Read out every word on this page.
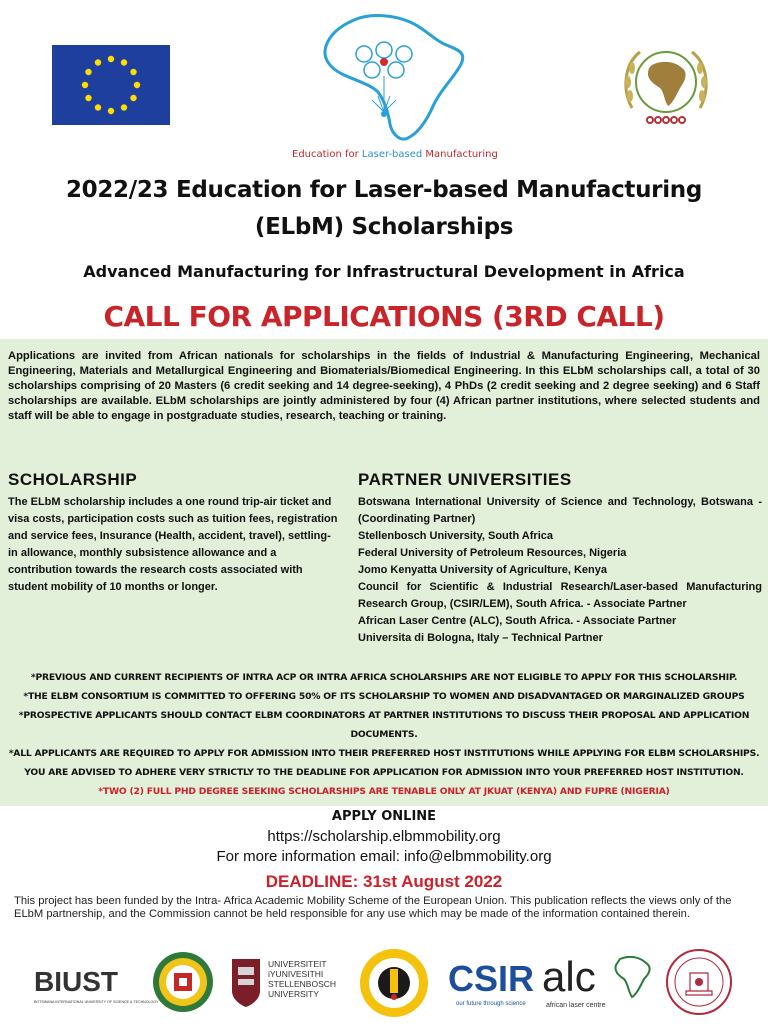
Education for Laser-based Manufacturing
2022/23 Education for Laser-based Manufacturing
(ELbM) Scholarships
Advanced Manufacturing for Infrastructural Development in Africa
CALL FOR APPLICATIONS (3RD CALL)

Applications are invited from African nationals for scholarships in the fields of Industrial & Manufacturing Engineering, Mechanical Engineering, Materials and Metallurgical Engineering and Biomaterials/Biomedical Engineering. In this ELbM scholarships call, a total of 30 scholarships comprising of 20 Masters (6 credit seeking and 14 degree-seeking), 4 PhDs (2 credit seeking and 2 degree seeking) and 6 Staff scholarships are available. ELbM scholarships are jointly administered by four (4) African partner institutions, where selected students and staff will be able to engage in postgraduate studies, research, teaching or training.

SCHOLARSHIP

The ELbM scholarship includes a one round trip-air ticket and visa costs, participation costs such as tuition fees, registration and service fees, Insurance (Health, accident, travel), settling-in allowance, monthly subsistence allowance and a contribution towards the research costs associated with student mobility of 10 months or longer.

PARTNER UNIVERSITIES
Botswana International University of Science and Technology, Botswana -(Coordinating Partner)
Stellenbosch University, South Africa
Federal University of Petroleum Resources, Nigeria
Jomo Kenyatta University of Agriculture, Kenya
Council for Scientific & Industrial Research/Laser-based Manufacturing Research Group, (CSIR/LEM), South Africa. - Associate Partner
African Laser Centre (ALC), South Africa. - Associate Partner
Universita di Bologna, Italy – Technical Partner
*PREVIOUS AND CURRENT RECIPIENTS OF INTRA ACP OR INTRA AFRICA SCHOLARSHIPS ARE NOT ELIGIBLE TO APPLY FOR THIS SCHOLARSHIP.
*THE ELBM CONSORTIUM IS COMMITTED TO OFFERING 50% OF ITS SCHOLARSHIP TO WOMEN AND DISADVANTAGED OR MARGINALIZED GROUPS
*PROSPECTIVE APPLICANTS SHOULD CONTACT ELBM COORDINATORS AT PARTNER INSTITUTIONS TO DISCUSS THEIR PROPOSAL AND APPLICATION DOCUMENTS.
*ALL APPLICANTS ARE REQUIRED TO APPLY FOR ADMISSION INTO THEIR PREFERRED HOST INSTITUTIONS WHILE APPLYING FOR ELBM SCHOLARSHIPS. YOU ARE ADVISED TO ADHERE VERY STRICTLY TO THE DEADLINE FOR APPLICATION FOR ADMISSION INTO YOUR PREFERRED HOST INSTITUTION.
*TWO (2) FULL PHD DEGREE SEEKING SCHOLARSHIPS ARE TENABLE ONLY AT JKUAT (KENYA) AND FUPRE (NIGERIA)
APPLY ONLINE
https://scholarship.elbmmobility.org
For more information email: info@elbmmobility.org
DEADLINE: 31st August 2022

This project has been funded by the Intra- Africa Academic Mobility Scheme of the European Union. This publication reflects the views only of the ELbM partnership, and the Commission cannot be held responsible for any use which may be made of the information contained therein.

BIUST
BOTSWANA INTERNATIONAL UNIVERSITY OF SCIENCE & TECHNOLOGY
UNIVERSITEIT
iYUNIVESITHI
STELLENBOSCH
UNIVERSITY	CSIR
our future through science
alc
african laser centre
